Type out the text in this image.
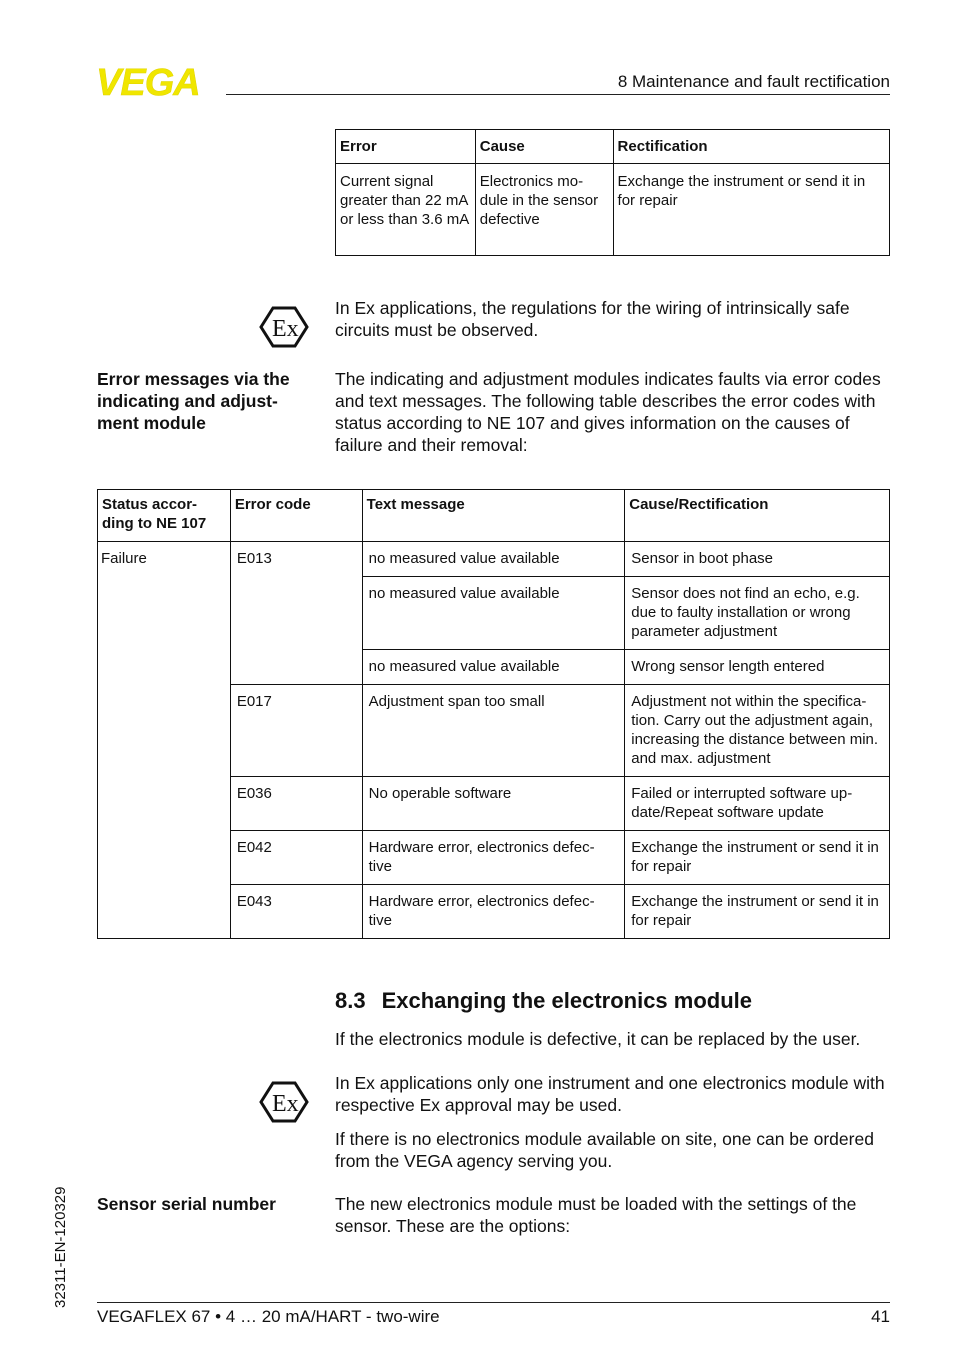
VEGA	8 Maintenance and fault rectification
Error	Cause	Rectification
Current signal greater than 22 mA or less than 3.6 mA	Electronics mo- dule in the sensor defective	Exchange the instrument or send it in for repair
Ex
In Ex applications, the regulations for the wiring of intrinsically safe circuits must be observed.
Error messages via the indicating and adjust- ment module
The indicating and adjustment modules indicates faults via error codes and text messages. The following table describes the error codes with status according to NE 107 and gives information on the causes of failure and their removal:
Status accor- ding to NE 107	Error code	Text message	Cause/Rectification
Failure	E013	no measured value available	Sensor in boot phase
		no measured value available	Sensor does not find an echo, e.g. due to faulty installation or wrong parameter adjustment
		no measured value available	Wrong sensor length entered
	E017	Adjustment span too small	Adjustment not within the specifica- tion. Carry out the adjustment again, increasing the distance between min. and max. adjustment
	E036	No operable software	Failed or interrupted software up- date/Repeat software update
	E042	Hardware error, electronics defec- tive	Exchange the instrument or send it in for repair
	E043	Hardware error, electronics defec- tive	Exchange the instrument or send it in for repair
8.3 Exchanging the electronics module
If the electronics module is defective, it can be replaced by the user.
Ex
In Ex applications only one instrument and one electronics module with respective Ex approval may be used.
If there is no electronics module available on site, one can be ordered from the VEGA agency serving you.
Sensor serial number	The new electronics module must be loaded with the settings of the sensor. These are the options:
32311-EN-120329
VEGAFLEX 67 • 4 … 20 mA/HART - two-wire	41
